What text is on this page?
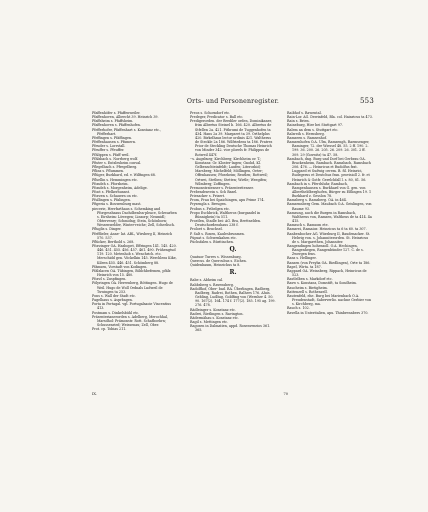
Orts- und Personenregister.	553
Pfaffenhöfer s. Pfaffenweiler.
Pfaffenhoven, Albrecht 39. Heinrich 39.
Pfaffsheim s. Pfaffsheim.
Pfaffenhoven s. Pfaffenhofen.
Pfefferhofer, Pfaffenhart s. Konstanz etc., Pfefferhart.
Pfeffingen s. Pfäffingen.
Pfeffenhausen s. Pfumern.
Pfeuder s. Lorrstall.
Pfeuffer s. Pfeuffer.
Pfhlippen s. Pfaff weil.
Pfhlsbach s. Norrberg wolf.
Pfister s. Entzlesheim conval.
Pflegelbach s. Pfregelberg.
Pflinz s. Pflummen.
Pflüger, Burkhard, ed. v. Wilfingen 68.
Pflsellin s. Hemmingen etc.
Pfondeh s. Pforzheim.
Pfondeh s. Morgenheim, Adelige.
Pfoot s. Pfelkerhunnst.
Pforzen s. Schauern on etc.
Pfullingen s. Pfalingen.
Pfigeria s. Bouwenburg mast.
piecerie, Herrfarthaus s. Schemking and Pforgesshsaus Dachdbenlsn-pleace, Schwarben s. Eirsheim: Löwegen; Linzorp; Neumidl; Obtervenry; Schmidng; Stein, Schönborn; Wessenwelder, Winter-reiche; Zell, Scherlisch.
Pfluglis s. Dinger.
Pfefflieler, Anne- lat. ABL, Wirsberg II, Heinrich 570. 537.
Pflücker, Berthold s. 268.
Pforzinger OA. Hasbopet, Effringen 141. 145. 420. 446. 451. 455. 456. 457. 461. 490. Frühengtud 119. 120. Metenhob s. Wenchrich. etc. Merschidd gen. Vöckelkin 145. Werchlens Kike, Kileen 455. 446. 451. Schömberg 88.
Pfämsen, Vorstadt von Kodingen.
Pfälzlacen OA. Tübingen, Bildchbefemen, pfälz Heinrich von 15. 480.
Pforzl s. Zuspfingen.
Pölyringen OA. Herrenberg, Böttingen. Hugo de Weil. Hugo de Woll Ordnals Ludweil de Tuwingen ta 253.
Pons s. Wall der Stadt etc.
Pagelhaus s. Asprbagen.
Porta in Portagal. vgl. Portugalsaoie Vincentius 413.
Postmam s. Dinkelsbühl etc.
Präsenterianerorden s. Adelberg, Merochhal, Marsdhol: Prämonstr. Rott. Schafboehrn; Schussenried; Weissenau; Zell, Ober.
Prot. cp. Tobias 211.
Preos s. Schorndorf etc.
Predeger, Predicator s. Ball etc.
Predigerorden. der Brediler orden, Dominikaner, frim Albertus Steinel b. 166. 420. Albertus de Stfellen 2a. 421. Pithrumi de Tuggenhofen ta 434. Hans 2a 39. Margaret ta 39. Orthelplus 420. Birkelhaus lector ordinis 421. Waltherus de Steckle 2a 186. Wilfriedens ta 186. Fratres Prior de Steckling Deutsche Thomas Heinrich von Minder 342. vice plorels fr. Philippus de Rotweil 447f.
--s. Augsburg; Kirchberg; Kirchheim ov. T.; Konstanz: Gr. Kloster-Ingen; Gnohd, Kl. Gelbenschteinfeldt; Laufen; Literoshid; Marsberg; Michelfeld; Möllingen, Oeter; Offenhausen; Pforzheim; Reutlen; Rottweil; Ortwei, Stetben; Stetten; Wirtle; Weegifen; Wilmberg; Zoffingen.
Premonstratenser s. Präsenteritenser.
Prebendenvein s. Sch Basel.
Priesacker s. Prizert.
Prom, Frau bei Spaichingen, apu Prime 174.
Prysengla s. Breugen.
Probus s. Fribelgen etc.
Propo Eschbrick, Waltheros (burgandel in Bünnighein) ta 511.
Prostlen, Stadle bei: AG. Bra, Brettnelden. Deutschordenshaus 238 f.
Proloet s. Bruchsel.
P. Salt s. Rosen, Kaulesbrunmen.
Püpsat s. Schwenkahen etc.
Püchsfalen s. Büritinchen.
Q.
Quatuor Turres s. Wissenburg.
Quercus. de Quercubus s. Eichen.
Quidenbaum, Heinrichus ta 8.
R.
Rabe s. Abheim cal.
Rabbsberg s. Ravensberg.
Radolfhof, Ober- bad. RA. Überlingen, Radberg, Radberg, Radrei, Rothen, Ralhers 176. Aluis. Gebling, Ludliug, Goldfing von (Wernher 4. 50. 90. 167(2). 164. 174 f. 177(2). 185. 195 ag. 199. 276. 478.
Rädleinger s. Konstanz etc.
Radrei, Rietlingen s. Ravington.
Rädermähau s. Konstanz etc.
Ragil s. Mettingen etc.
Ragosen in Dalmatien, appd. Rosenvenrios 361. 365.
Raibhof s. Rawental.
Rain-Lor. AG. Dewinfeld, Bla. col. Hainricus ta 473.
Rain s. Brien.
Raineburg, Hier bei Stuttgart 97.
Ralem an dem s. Stuttgart etc.
Ralsreih s. Hernsberg.
Ramseen s. Ramsenhof.
Ramsenhofen O.A. Ulm, Ramsengh, Raemsenger, Raminger, 72. der Wiessel 48. 55. 2 ff. 190. 2. 199. 36. 200. 26. 205. 26. 209. 26. 301. 2 ff. 309. 29 (Goswitz) ta 47. 58.
Rambach, dng. Burg und Dorf bei Gerbrau OA. Brackenheim, Rambach. Ramsbach, Ramsbach 206. 476. — Heinricus et Rudolfus frat. Luggaed et Sudwig cerem. B. fil. Heinrici, Rudegerus et Deutchus fran. provisioll 2. fr. et Heinrich & Gotfr. Gerelchfall l. s. 80, 81. 56.
Rambach in s. Pferdsluhr, Rambach, Rampenhausen s. Burkhard von G. gen. von Albertheldberghofen, Bürger zu Eßlingen 19. 1 Burkhard z. Gesslon 78.
Ramsberg s. Ramsberg. OA. in 464.
Ramsennberg Gem. Maubach O.A. Geislingen, von Raume 93.
Ramsung, auch die Burgen in Ramsbach, Waltherus von, Ramsen, Waltheus de ta 414. 4a 415.
Ramssch s. Ramsom ete.
Ramsrei, Ramaios: Heinricus ta 6 ta 60. ta 307.
Ranbenbocher AG. Würzburg II, Baudenacker. St. Helwig von. s. Johanniterorden. St. Heinricus de s. Margarethen, Johanniter.
Rangendingen hohenzoll. O.A. Hechingen, Rangenhegen, Rangenbünder 127. C. de s. Zwergen fens.
Rans s. Hellinger.
Ransen (von Freyba OA. Riedlingen), Orte ta 186.
Rapel, Wirta. ta 187.
Rappard OA. Weinsberg, Rippach, Heinricus de 523.
Rastlelben s. Markdorf etc.
Rasw s. Konstanz, Domstift, ta Sondheim.
Raucheim s. Bietigheim.
Rattenzell s. Rothenzell.
Rautenfeld, ehe. Burg bei Marienbach O.A. Freudenstadt, Saberverlio. nachne Gerbier von s. Kirchberg, ma.
Rauch s. 102.
Ravella in Unteritalien, apu. Thinbrennbers 370.
IX.	70
